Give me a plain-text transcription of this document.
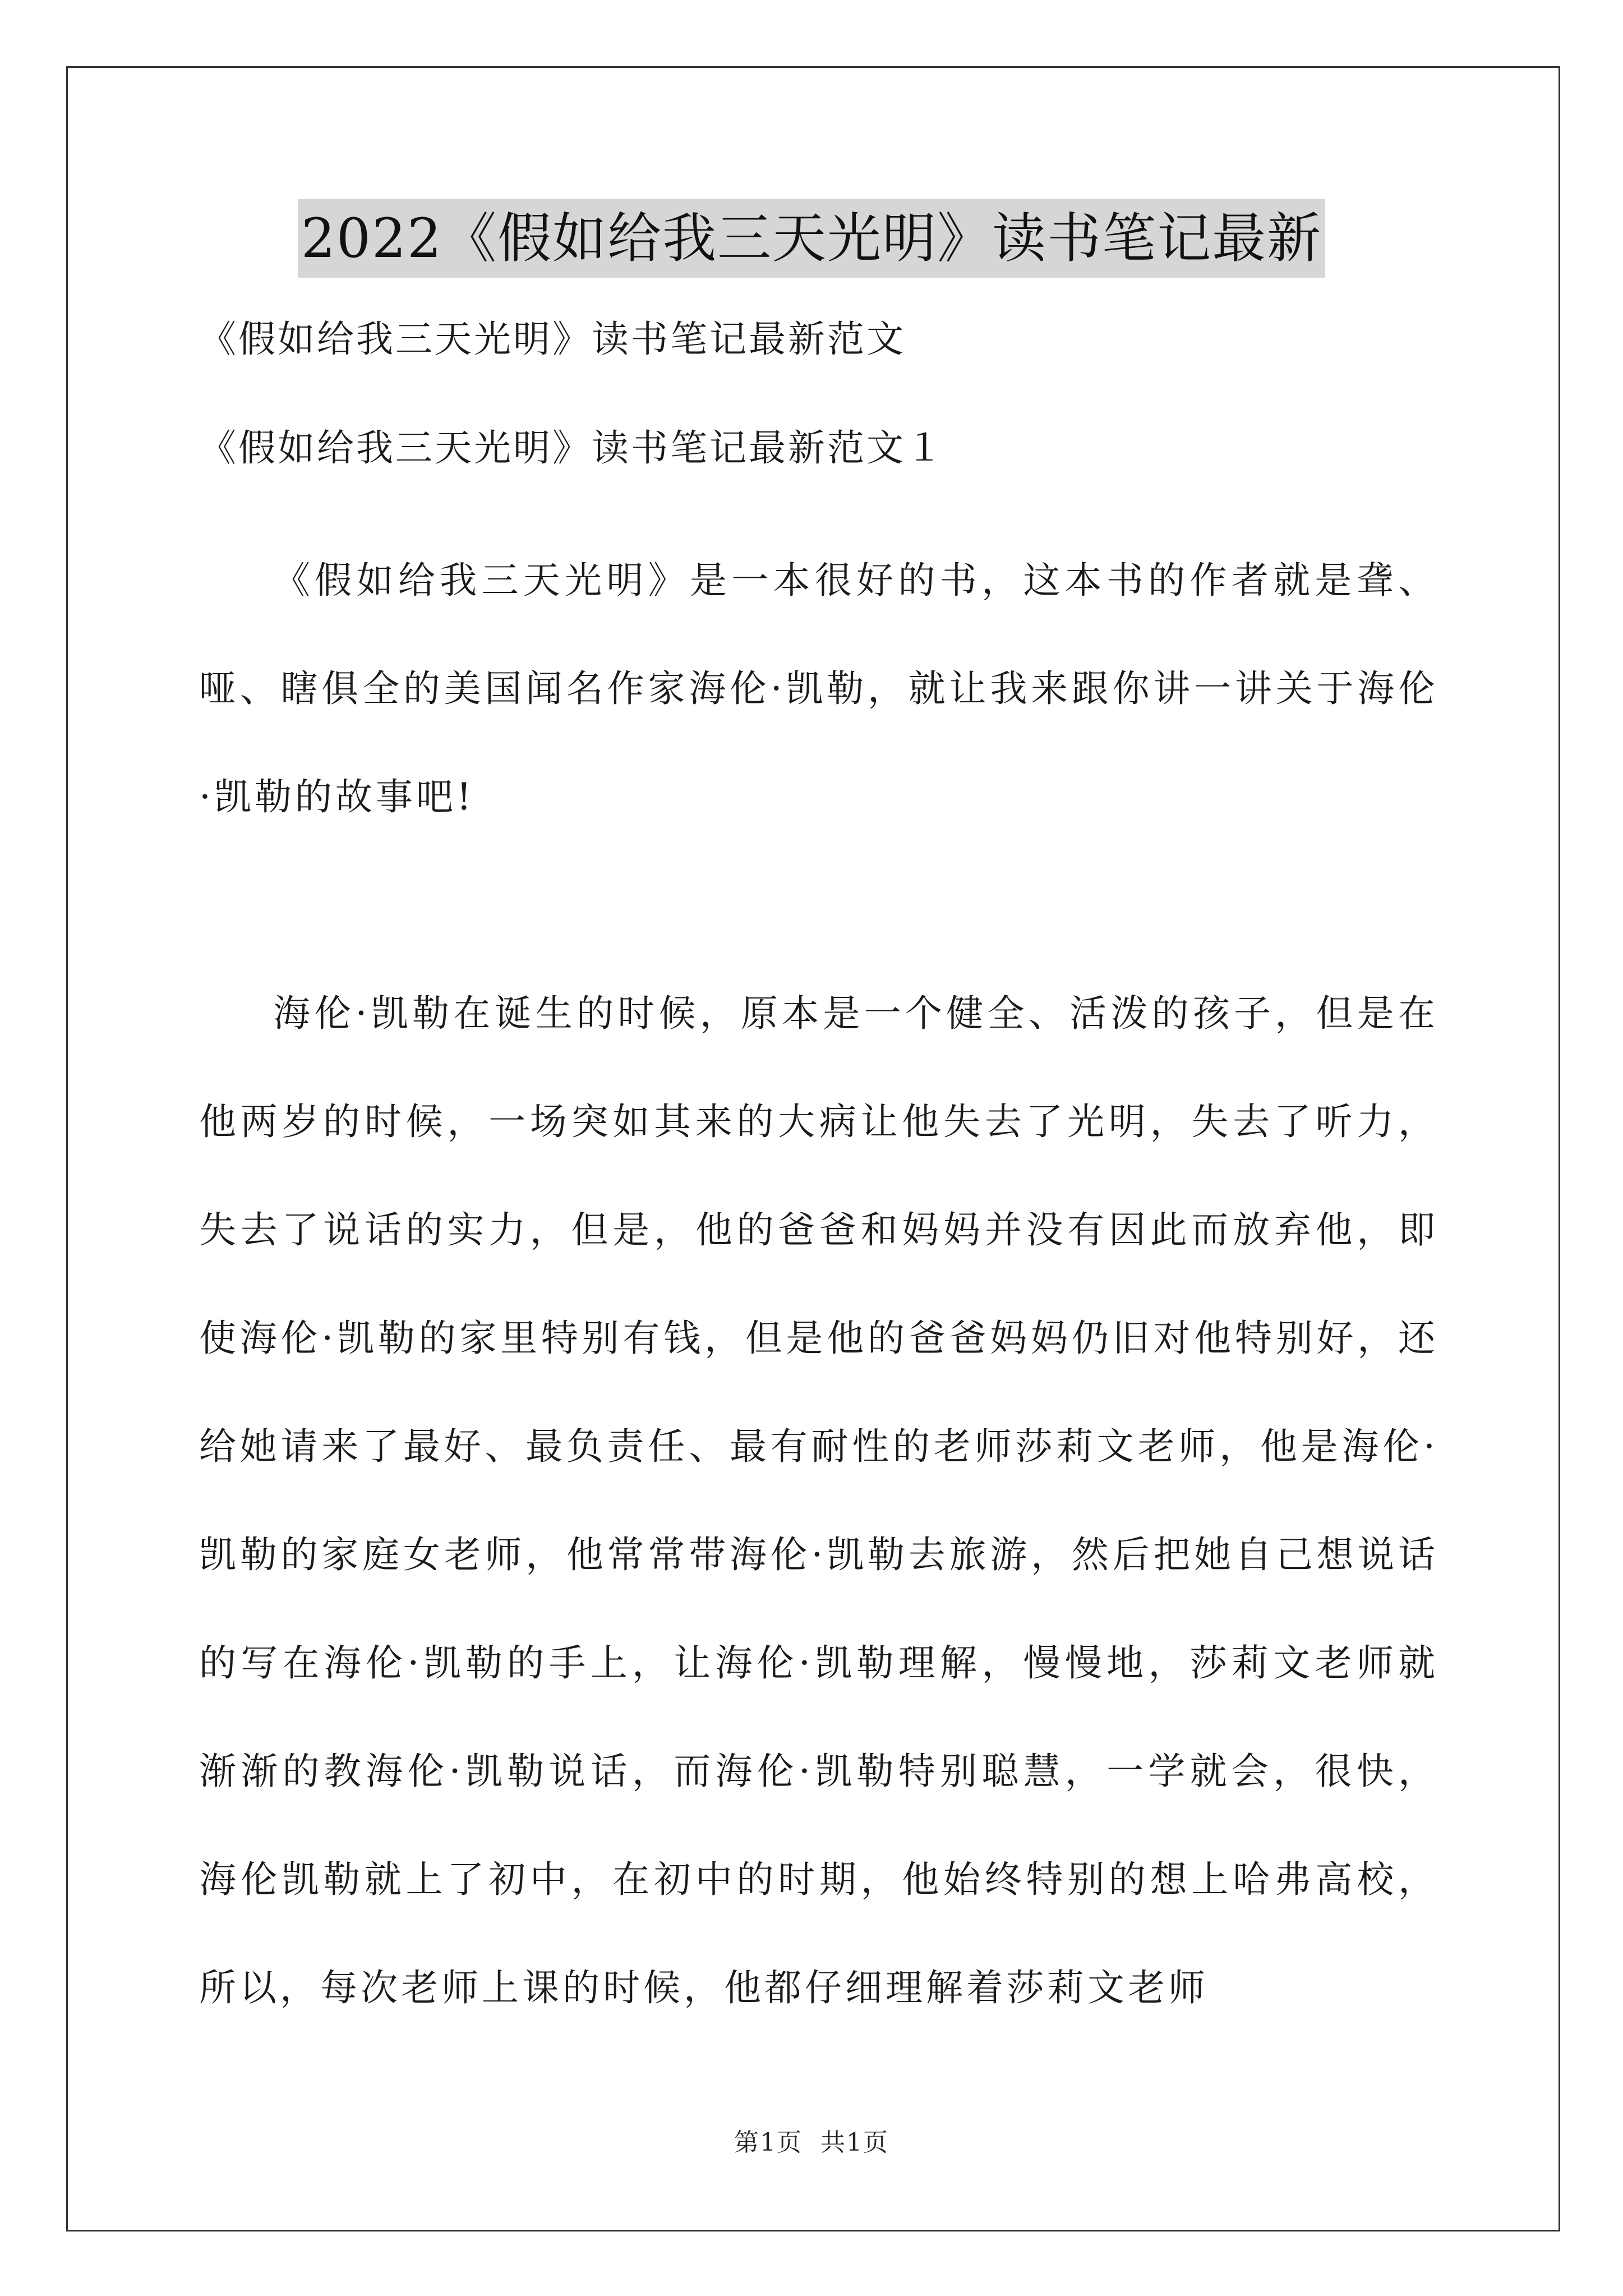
2022《假如给我三天光明》读书笔记最新

《假如给我三天光明》读书笔记最新范文

《假如给我三天光明》读书笔记最新范文１

《假如给我三天光明》是一本很好的书，这本书的作者就是聋、哑、瞎俱全的美国闻名作家海伦·凯勒，就让我来跟你讲一讲关于海伦·凯勒的故事吧!

海伦·凯勒在诞生的时候，原本是一个健全、活泼的孩子，但是在他两岁的时候，一场突如其来的大病让他失去了光明，失去了听力，失去了说话的实力，但是，他的爸爸和妈妈并没有因此而放弃他，即使海伦·凯勒的家里特别有钱，但是他的爸爸妈妈仍旧对他特别好，还给她请来了最好、最负责任、最有耐性的老师莎莉文老师，他是海伦·凯勒的家庭女老师，他常常带海伦·凯勒去旅游，然后把她自己想说话的写在海伦·凯勒的手上，让海伦·凯勒理解，慢慢地，莎莉文老师就渐渐的教海伦·凯勒说话，而海伦·凯勒特别聪慧，一学就会，很快，海伦凯勒就上了初中，在初中的时期，他始终特别的想上哈弗高校，所以，每次老师上课的时候，他都仔细理解着莎莉文老师

第1页 共1页
